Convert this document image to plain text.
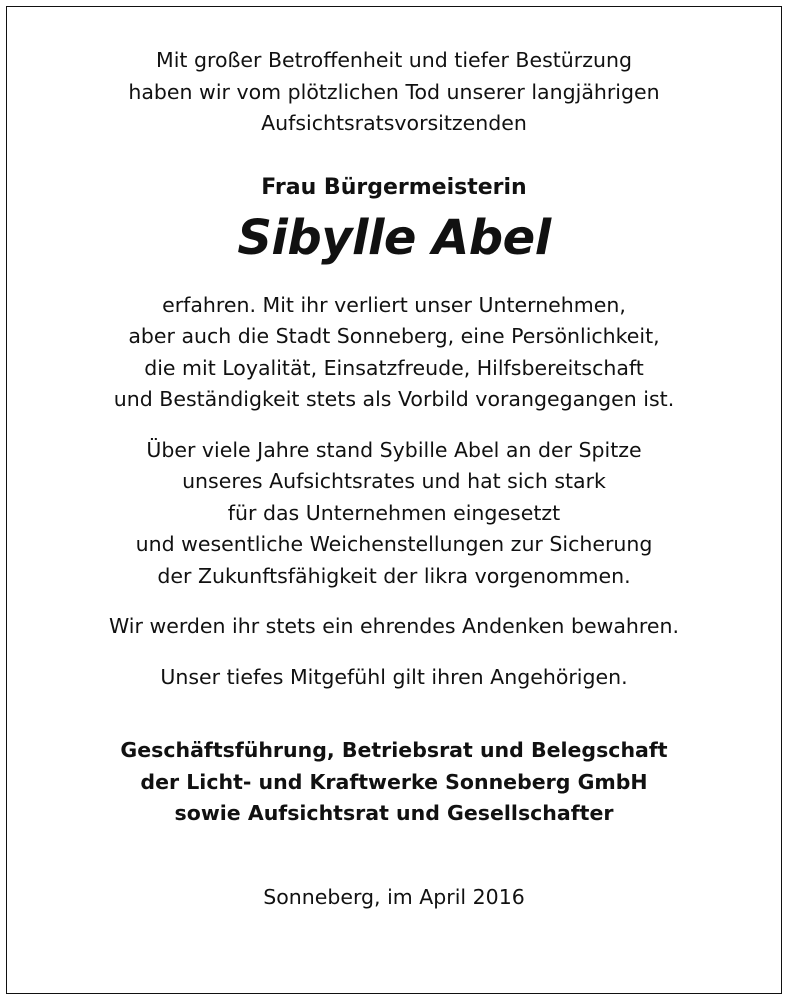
Mit großer Betroffenheit und tiefer Bestürzung
haben wir vom plötzlichen Tod unserer langjährigen
Aufsichtsratsvorsitzenden
Frau Bürgermeisterin
Sibylle Abel
erfahren. Mit ihr verliert unser Unternehmen,
aber auch die Stadt Sonneberg, eine Persönlichkeit,
die mit Loyalität, Einsatzfreude, Hilfsbereitschaft
und Beständigkeit stets als Vorbild vorangegangen ist.
Über viele Jahre stand Sybille Abel an der Spitze
unseres Aufsichtsrates und hat sich stark
für das Unternehmen eingesetzt
und wesentliche Weichenstellungen zur Sicherung
der Zukunftsfähigkeit der likra vorgenommen.
Wir werden ihr stets ein ehrendes Andenken bewahren.
Unser tiefes Mitgefühl gilt ihren Angehörigen.
Geschäftsführung, Betriebsrat und Belegschaft
der Licht- und Kraftwerke Sonneberg GmbH
sowie Aufsichtsrat und Gesellschafter
Sonneberg, im April 2016
